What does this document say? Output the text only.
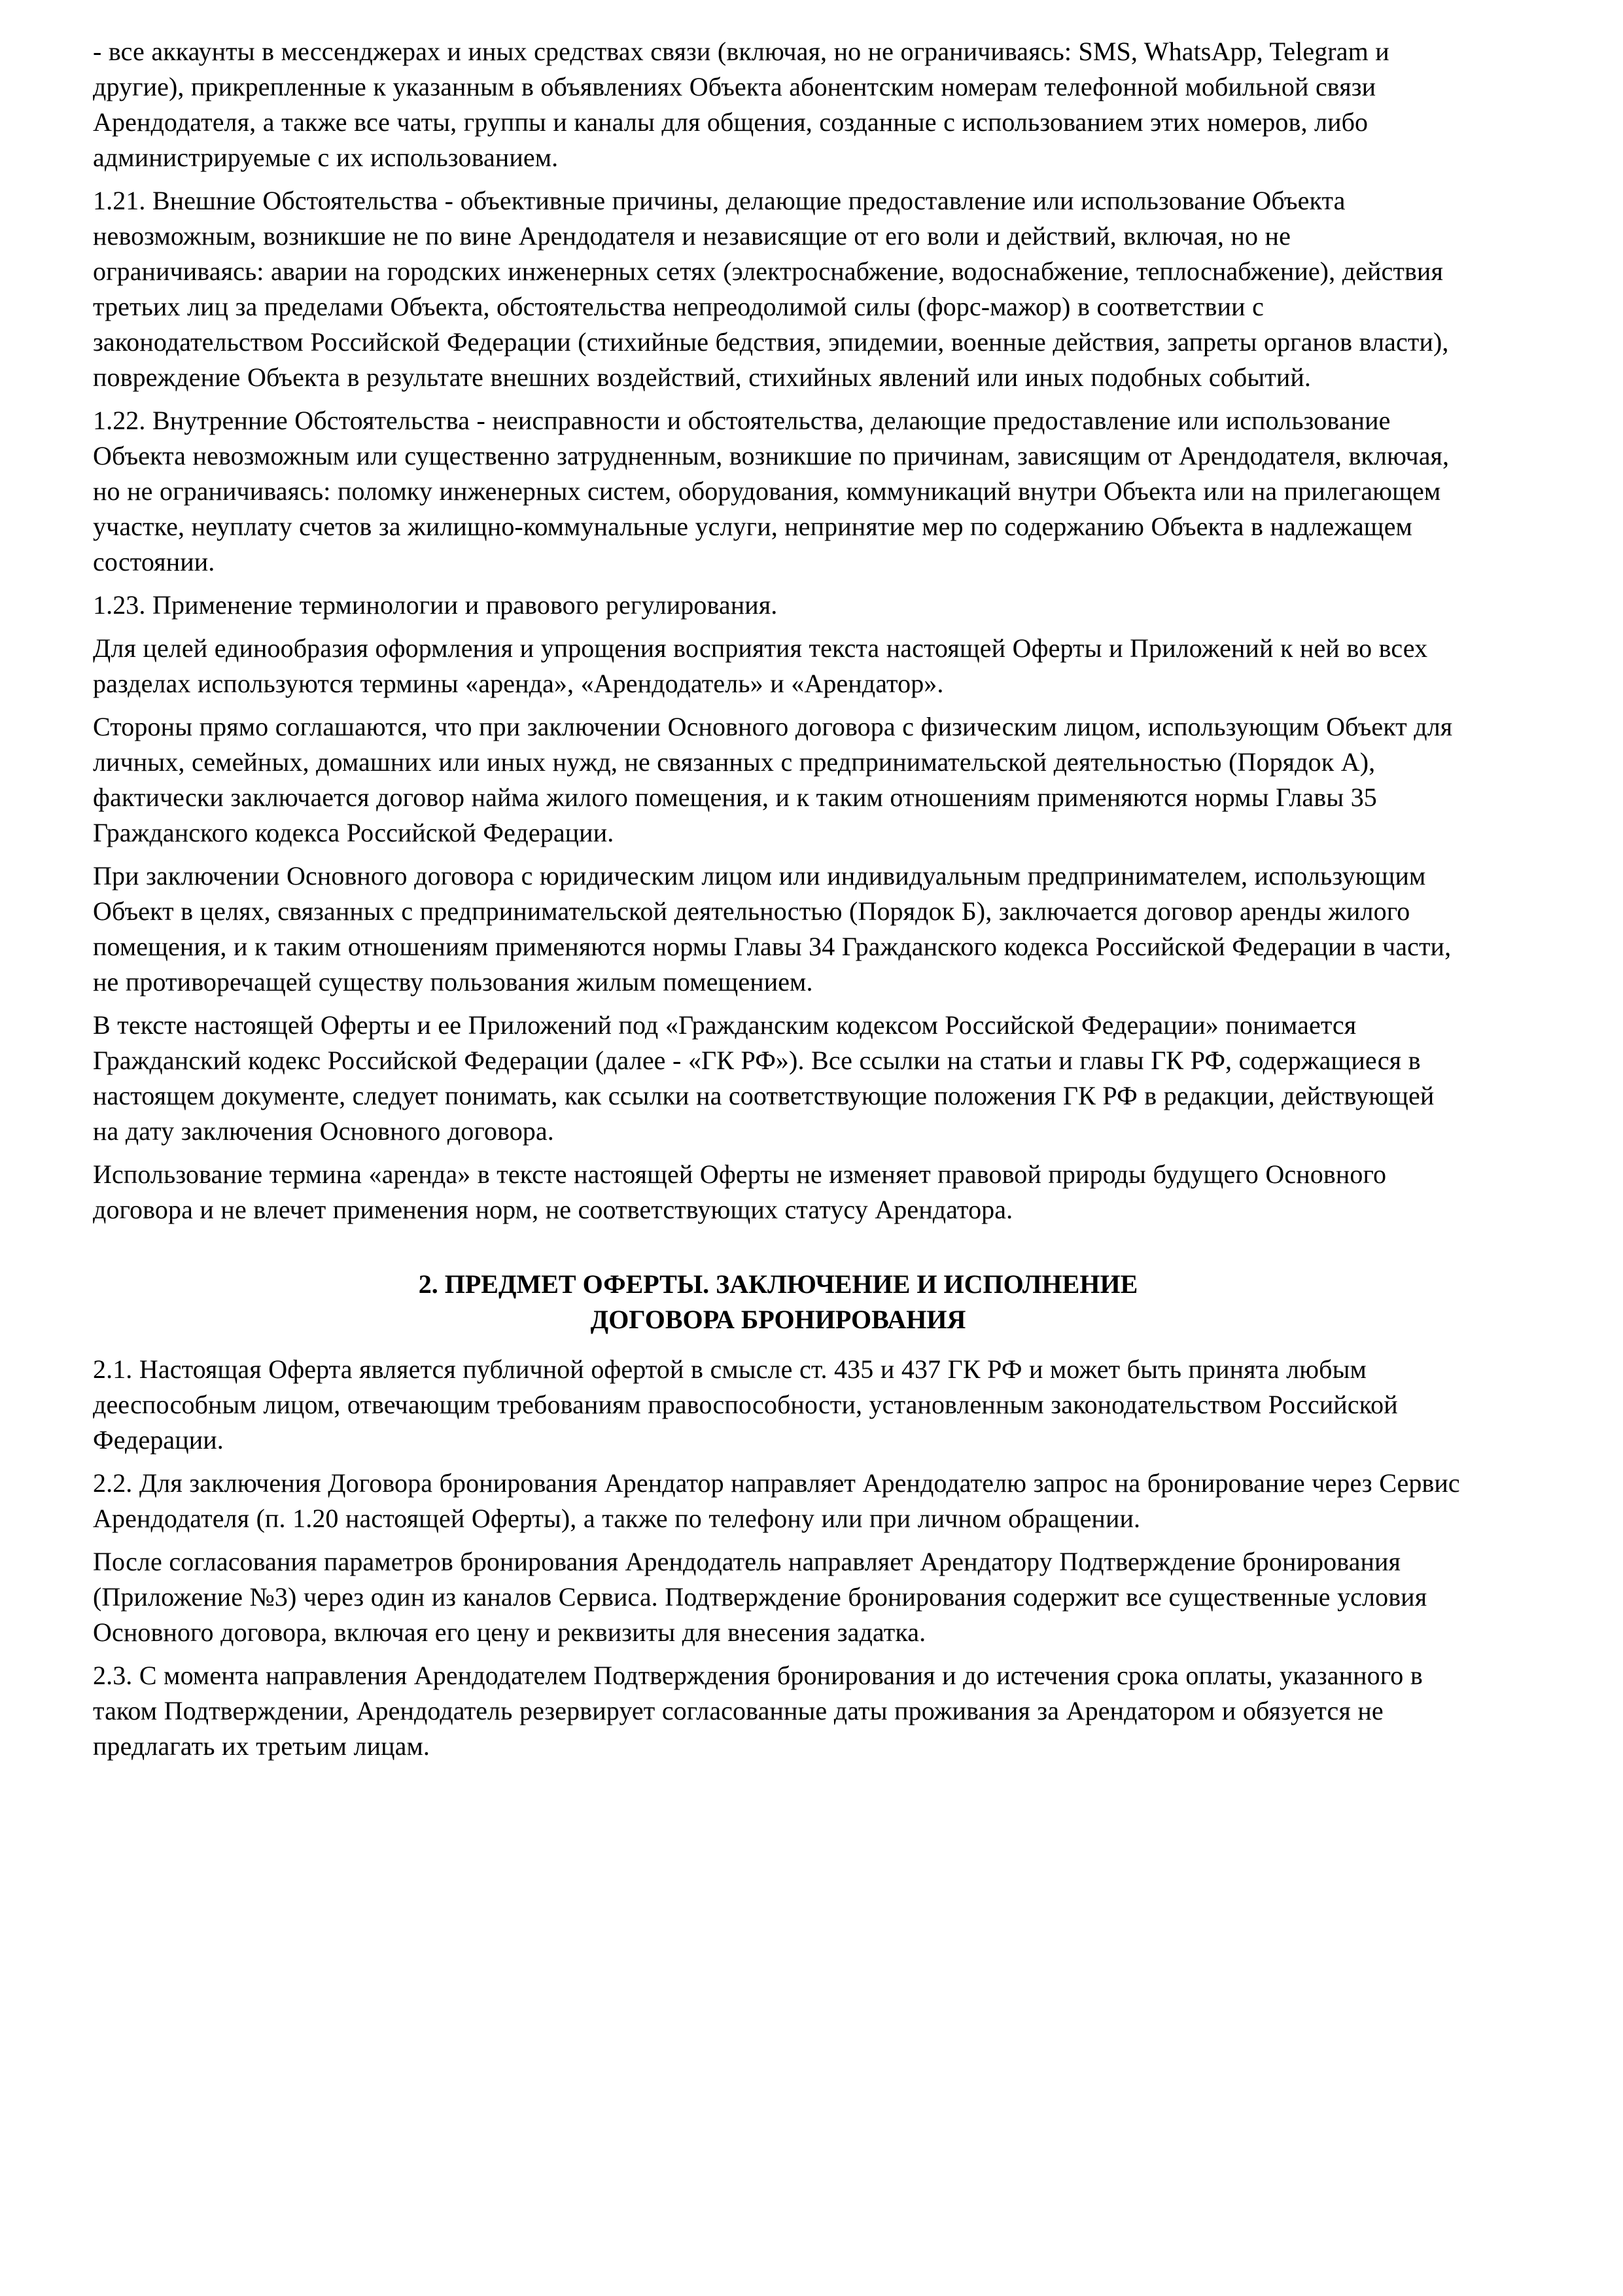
- все аккаунты в мессенджерах и иных средствах связи (включая, но не ограничиваясь: SMS, WhatsApp, Telegram и другие), прикрепленные к указанным в объявлениях Объекта абонентским номерам телефонной мобильной связи Арендодателя, а также все чаты, группы и каналы для общения, созданные с использованием этих номеров, либо администрируемые с их использованием.

1.21. Внешние Обстоятельства - объективные причины, делающие предоставление или использование Объекта невозможным, возникшие не по вине Арендодателя и независящие от его воли и действий, включая, но не ограничиваясь: аварии на городских инженерных сетях (электроснабжение, водоснабжение, теплоснабжение), действия третьих лиц за пределами Объекта, обстоятельства непреодолимой силы (форс-мажор) в соответствии с законодательством Российской Федерации (стихийные бедствия, эпидемии, военные действия, запреты органов власти), повреждение Объекта в результате внешних воздействий, стихийных явлений или иных подобных событий.

1.22. Внутренние Обстоятельства - неисправности и обстоятельства, делающие предоставление или использование Объекта невозможным или существенно затрудненным, возникшие по причинам, зависящим от Арендодателя, включая, но не ограничиваясь: поломку инженерных систем, оборудования, коммуникаций внутри Объекта или на прилегающем участке, неуплату счетов за жилищно-коммунальные услуги, непринятие мер по содержанию Объекта в надлежащем состоянии.

1.23. Применение терминологии и правового регулирования.

Для целей единообразия оформления и упрощения восприятия текста настоящей Оферты и Приложений к ней во всех разделах используются термины «аренда», «Арендодатель» и «Арендатор».

Стороны прямо соглашаются, что при заключении Основного договора с физическим лицом, использующим Объект для личных, семейных, домашних или иных нужд, не связанных с предпринимательской деятельностью (Порядок А), фактически заключается договор найма жилого помещения, и к таким отношениям применяются нормы Главы 35 Гражданского кодекса Российской Федерации.

При заключении Основного договора с юридическим лицом или индивидуальным предпринимателем, использующим Объект в целях, связанных с предпринимательской деятельностью (Порядок Б), заключается договор аренды жилого помещения, и к таким отношениям применяются нормы Главы 34 Гражданского кодекса Российской Федерации в части, не противоречащей существу пользования жилым помещением.

В тексте настоящей Оферты и ее Приложений под «Гражданским кодексом Российской Федерации» понимается Гражданский кодекс Российской Федерации (далее - «ГК РФ»). Все ссылки на статьи и главы ГК РФ, содержащиеся в настоящем документе, следует понимать, как ссылки на соответствующие положения ГК РФ в редакции, действующей на дату заключения Основного договора.

Использование термина «аренда» в тексте настоящей Оферты не изменяет правовой природы будущего Основного договора и не влечет применения норм, не соответствующих статусу Арендатора.

2. ПРЕДМЕТ ОФЕРТЫ. ЗАКЛЮЧЕНИЕ И ИСПОЛНЕНИЕ
ДОГОВОРА БРОНИРОВАНИЯ

2.1. Настоящая Оферта является публичной офертой в смысле ст. 435 и 437 ГК РФ и может быть принята любым дееспособным лицом, отвечающим требованиям правоспособности, установленным законодательством Российской Федерации.

2.2. Для заключения Договора бронирования Арендатор направляет Арендодателю запрос на бронирование через Сервис Арендодателя (п. 1.20 настоящей Оферты), а также по телефону или при личном обращении.

После согласования параметров бронирования Арендодатель направляет Арендатору Подтверждение бронирования (Приложение №3) через один из каналов Сервиса. Подтверждение бронирования содержит все существенные условия Основного договора, включая его цену и реквизиты для внесения задатка.

2.3. С момента направления Арендодателем Подтверждения бронирования и до истечения срока оплаты, указанного в таком Подтверждении, Арендодатель резервирует согласованные даты проживания за Арендатором и обязуется не предлагать их третьим лицам.
